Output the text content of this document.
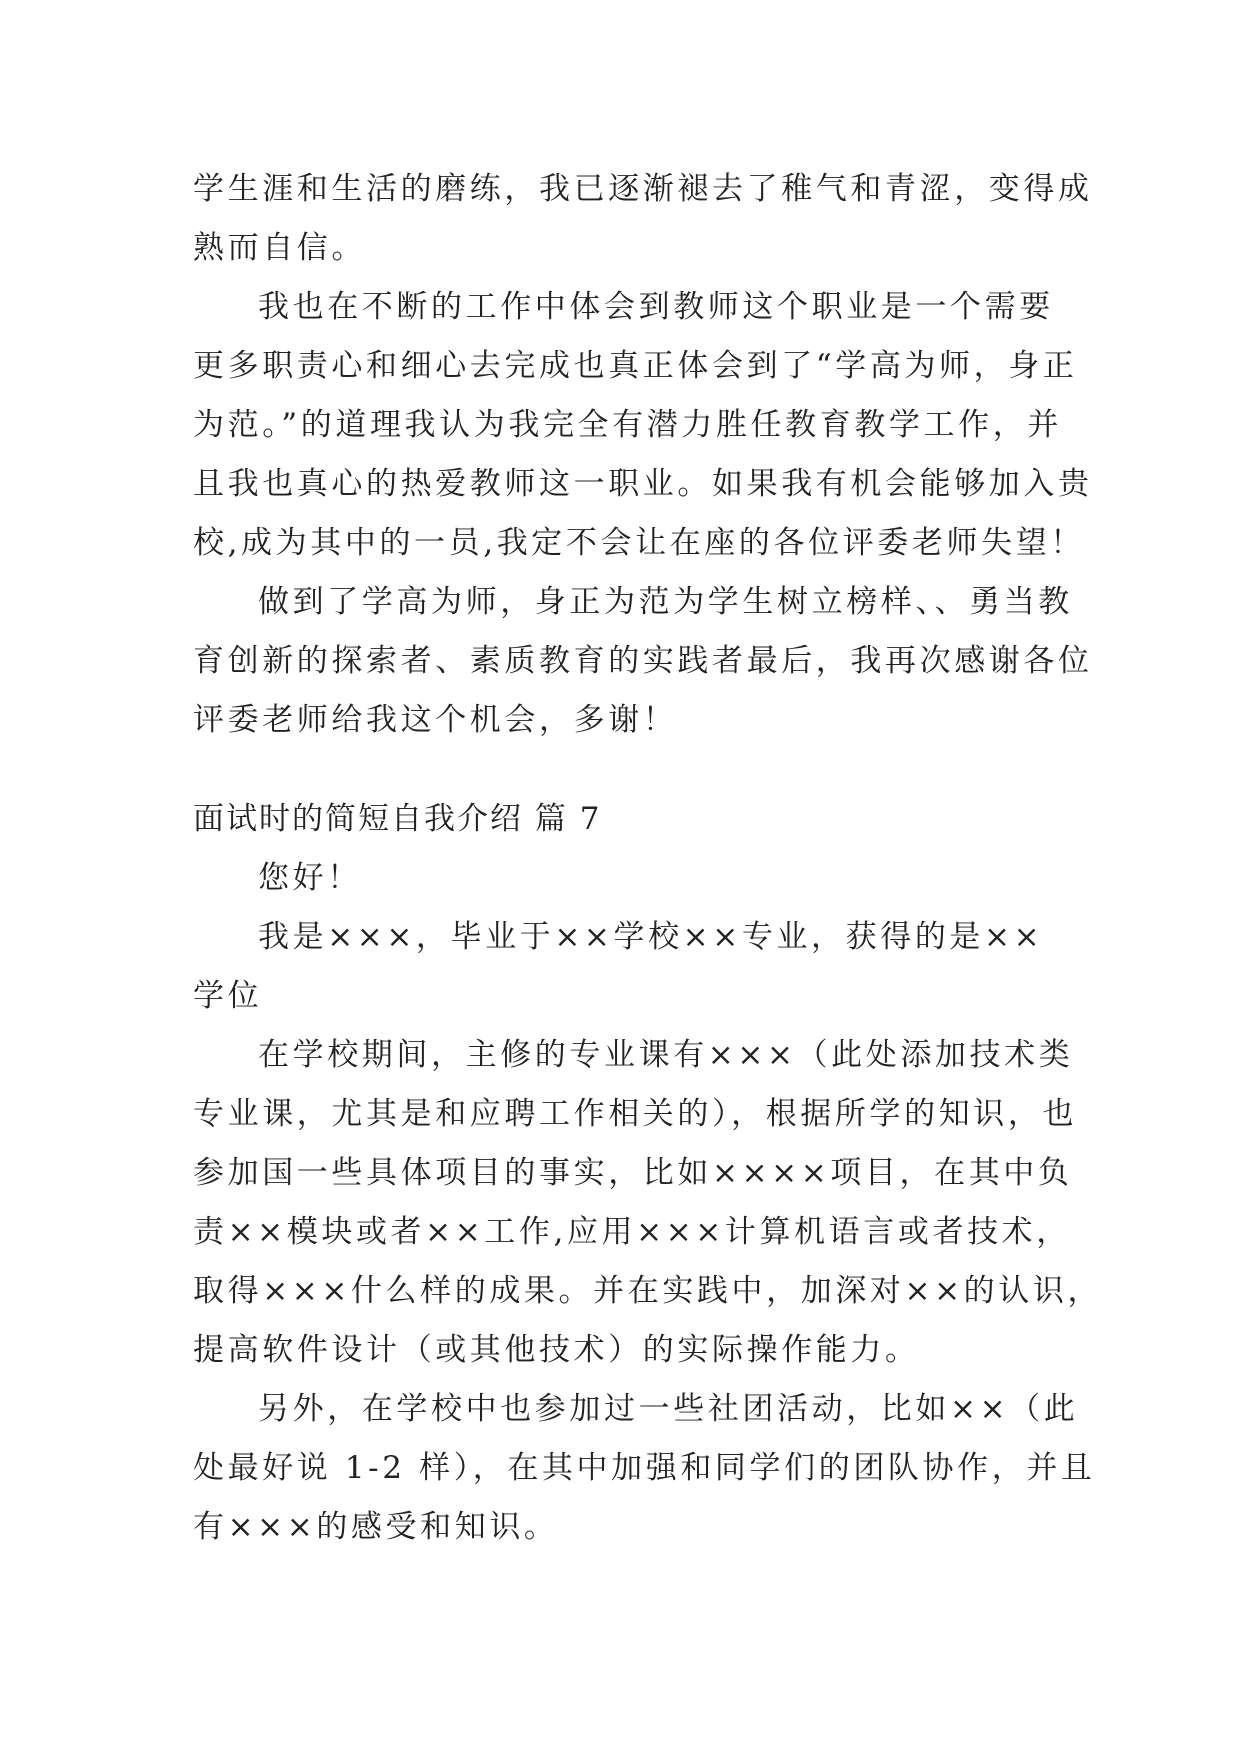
学生涯和生活的磨练，我已逐渐褪去了稚气和青涩，变得成
熟而自信。
我也在不断的工作中体会到教师这个职业是一个需要
更多职责心和细心去完成也真正体会到了“学高为师，身正
为范。”的道理我认为我完全有潜力胜任教育教学工作，并
且我也真心的热爱教师这一职业。如果我有机会能够加入贵
校,成为其中的一员,我定不会让在座的各位评委老师失望！
做到了学高为师，身正为范为学生树立榜样、、勇当教
育创新的探索者、素质教育的实践者最后，我再次感谢各位
评委老师给我这个机会，多谢！
面试时的简短自我介绍 篇 7
您好！
我是×××，毕业于××学校××专业，获得的是××
学位
在学校期间，主修的专业课有×××（此处添加技术类
专业课，尤其是和应聘工作相关的），根据所学的知识，也
参加国一些具体项目的事实，比如××××项目，在其中负
责××模块或者××工作,应用×××计算机语言或者技术，
取得×××什么样的成果。并在实践中，加深对××的认识，
提高软件设计（或其他技术）的实际操作能力。
另外，在学校中也参加过一些社团活动，比如××（此
处最好说 1-2 样），在其中加强和同学们的团队协作，并且
有×××的感受和知识。
